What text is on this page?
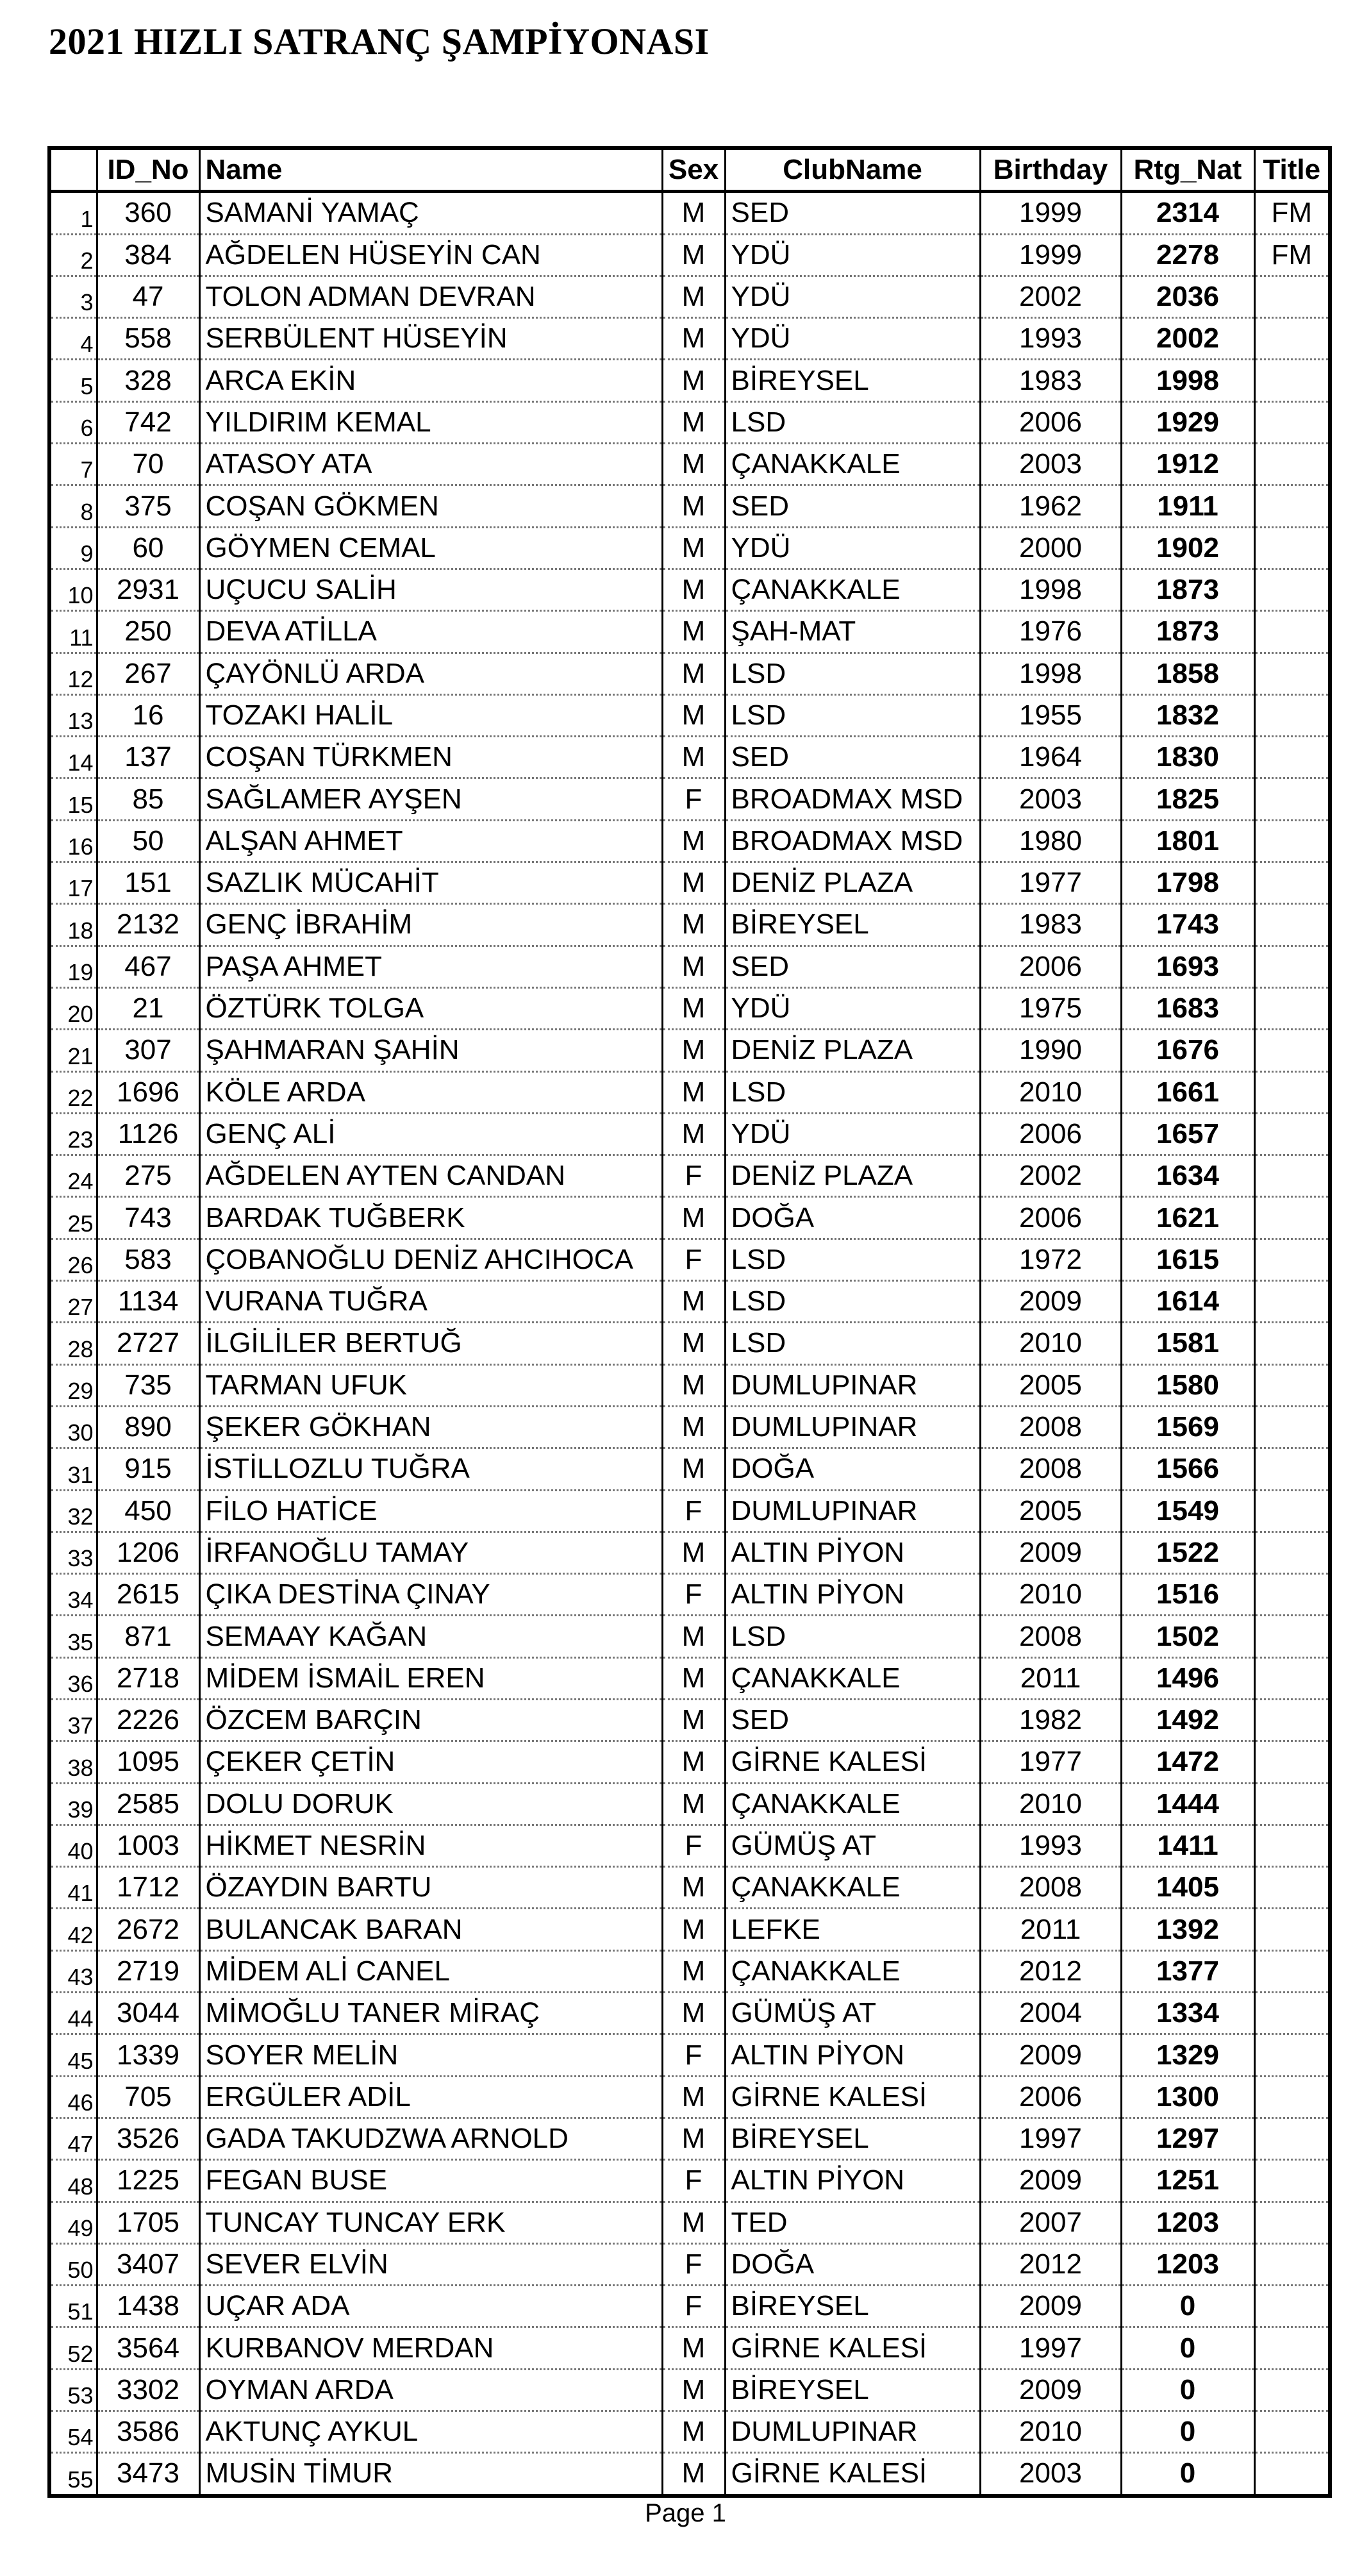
2021 HIZLI SATRANÇ ŞAMPİYONASI
	ID_No	Name	Sex	ClubName	Birthday	Rtg_Nat	Title
1	360	SAMANİ YAMAÇ	M	SED	1999	2314	FM
2	384	AĞDELEN HÜSEYİN CAN	M	YDÜ	1999	2278	FM
3	47	TOLON ADMAN DEVRAN	M	YDÜ	2002	2036	
4	558	SERBÜLENT HÜSEYİN	M	YDÜ	1993	2002	
5	328	ARCA EKİN	M	BİREYSEL	1983	1998	
6	742	YILDIRIM KEMAL	M	LSD	2006	1929	
7	70	ATASOY ATA	M	ÇANAKKALE	2003	1912	
8	375	COŞAN GÖKMEN	M	SED	1962	1911	
9	60	GÖYMEN CEMAL	M	YDÜ	2000	1902	
10	2931	UÇUCU SALİH	M	ÇANAKKALE	1998	1873	
11	250	DEVA ATİLLA	M	ŞAH-MAT	1976	1873	
12	267	ÇAYÖNLÜ ARDA	M	LSD	1998	1858	
13	16	TOZAKI HALİL	M	LSD	1955	1832	
14	137	COŞAN TÜRKMEN	M	SED	1964	1830	
15	85	SAĞLAMER AYŞEN	F	BROADMAX MSD	2003	1825	
16	50	ALŞAN AHMET	M	BROADMAX MSD	1980	1801	
17	151	SAZLIK MÜCAHİT	M	DENİZ PLAZA	1977	1798	
18	2132	GENÇ İBRAHİM	M	BİREYSEL	1983	1743	
19	467	PAŞA AHMET	M	SED	2006	1693	
20	21	ÖZTÜRK TOLGA	M	YDÜ	1975	1683	
21	307	ŞAHMARAN ŞAHİN	M	DENİZ PLAZA	1990	1676	
22	1696	KÖLE ARDA	M	LSD	2010	1661	
23	1126	GENÇ ALİ	M	YDÜ	2006	1657	
24	275	AĞDELEN AYTEN CANDAN	F	DENİZ PLAZA	2002	1634	
25	743	BARDAK TUĞBERK	M	DOĞA	2006	1621	
26	583	ÇOBANOĞLU DENİZ AHCIHOCA	F	LSD	1972	1615	
27	1134	VURANA TUĞRA	M	LSD	2009	1614	
28	2727	İLGİLİLER BERTUĞ	M	LSD	2010	1581	
29	735	TARMAN UFUK	M	DUMLUPINAR	2005	1580	
30	890	ŞEKER GÖKHAN	M	DUMLUPINAR	2008	1569	
31	915	İSTİLLOZLU TUĞRA	M	DOĞA	2008	1566	
32	450	FİLO HATİCE	F	DUMLUPINAR	2005	1549	
33	1206	İRFANOĞLU TAMAY	M	ALTIN PİYON	2009	1522	
34	2615	ÇIKA DESTİNA ÇINAY	F	ALTIN PİYON	2010	1516	
35	871	SEMAAY KAĞAN	M	LSD	2008	1502	
36	2718	MİDEM İSMAİL EREN	M	ÇANAKKALE	2011	1496	
37	2226	ÖZCEM BARÇIN	M	SED	1982	1492	
38	1095	ÇEKER ÇETİN	M	GİRNE KALESİ	1977	1472	
39	2585	DOLU DORUK	M	ÇANAKKALE	2010	1444	
40	1003	HİKMET NESRİN	F	GÜMÜŞ AT	1993	1411	
41	1712	ÖZAYDIN BARTU	M	ÇANAKKALE	2008	1405	
42	2672	BULANCAK BARAN	M	LEFKE	2011	1392	
43	2719	MİDEM ALİ CANEL	M	ÇANAKKALE	2012	1377	
44	3044	MİMOĞLU TANER MİRAÇ	M	GÜMÜŞ AT	2004	1334	
45	1339	SOYER MELİN	F	ALTIN PİYON	2009	1329	
46	705	ERGÜLER ADİL	M	GİRNE KALESİ	2006	1300	
47	3526	GADA TAKUDZWA ARNOLD	M	BİREYSEL	1997	1297	
48	1225	FEGAN BUSE	F	ALTIN PİYON	2009	1251	
49	1705	TUNCAY TUNCAY ERK	M	TED	2007	1203	
50	3407	SEVER ELVİN	F	DOĞA	2012	1203	
51	1438	UÇAR ADA	F	BİREYSEL	2009	0	
52	3564	KURBANOV MERDAN	M	GİRNE KALESİ	1997	0	
53	3302	OYMAN ARDA	M	BİREYSEL	2009	0	
54	3586	AKTUNÇ AYKUL	M	DUMLUPINAR	2010	0	
55	3473	MUSİN TİMUR	M	GİRNE KALESİ	2003	0	
Page 1
